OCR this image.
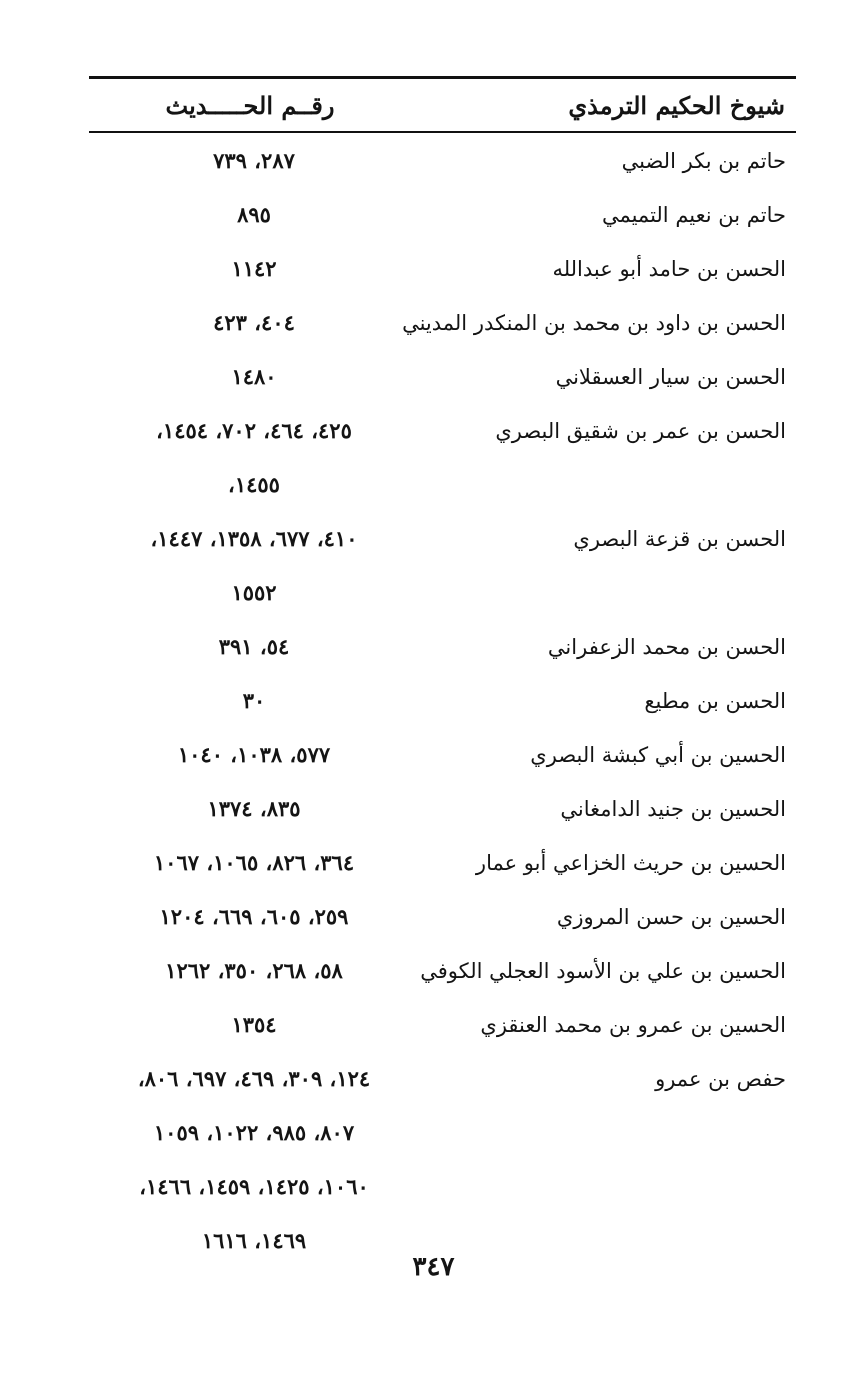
شيوخ الحكيم الترمذي
رقــم الحـــــديث
حاتم بن بكر الضبي
٢٨٧، ٧٣٩
حاتم بن نعيم التميمي
٨٩٥
الحسن بن حامد أبو عبدالله
١١٤٢
الحسن بن داود بن محمد بن المنكدر المديني
٤٠٤، ٤٢٣
الحسن بن سيار العسقلاني
١٤٨٠
الحسن بن عمر بن شقيق البصري
٤٢٥، ٤٦٤، ٧٠٢، ١٤٥٤،
١٤٥٥،
الحسن بن قزعة البصري
٤١٠، ٦٧٧، ١٣٥٨، ١٤٤٧،
١٥٥٢
الحسن بن محمد الزعفراني
٥٤، ٣٩١
الحسن بن مطيع
٣٠
الحسين بن أبي كبشة البصري
٥٧٧، ١٠٣٨، ١٠٤٠
الحسين بن جنيد الدامغاني
٨٣٥، ١٣٧٤
الحسين بن حريث الخزاعي أبو عمار
٣٦٤، ٨٢٦، ١٠٦٥، ١٠٦٧
الحسين بن حسن المروزي
٢٥٩، ٦٠٥، ٦٦٩، ١٢٠٤
الحسين بن علي بن الأسود العجلي الكوفي
٥٨، ٢٦٨، ٣٥٠، ١٢٦٢
الحسين بن عمرو بن محمد العنقزي
١٣٥٤
حفص بن عمرو
١٢٤، ٣٠٩، ٤٦٩، ٦٩٧، ٨٠٦،
٨٠٧، ٩٨٥، ١٠٢٢، ١٠٥٩
١٠٦٠، ١٤٢٥، ١٤٥٩، ١٤٦٦،
١٤٦٩، ١٦١٦
٣٤٧
